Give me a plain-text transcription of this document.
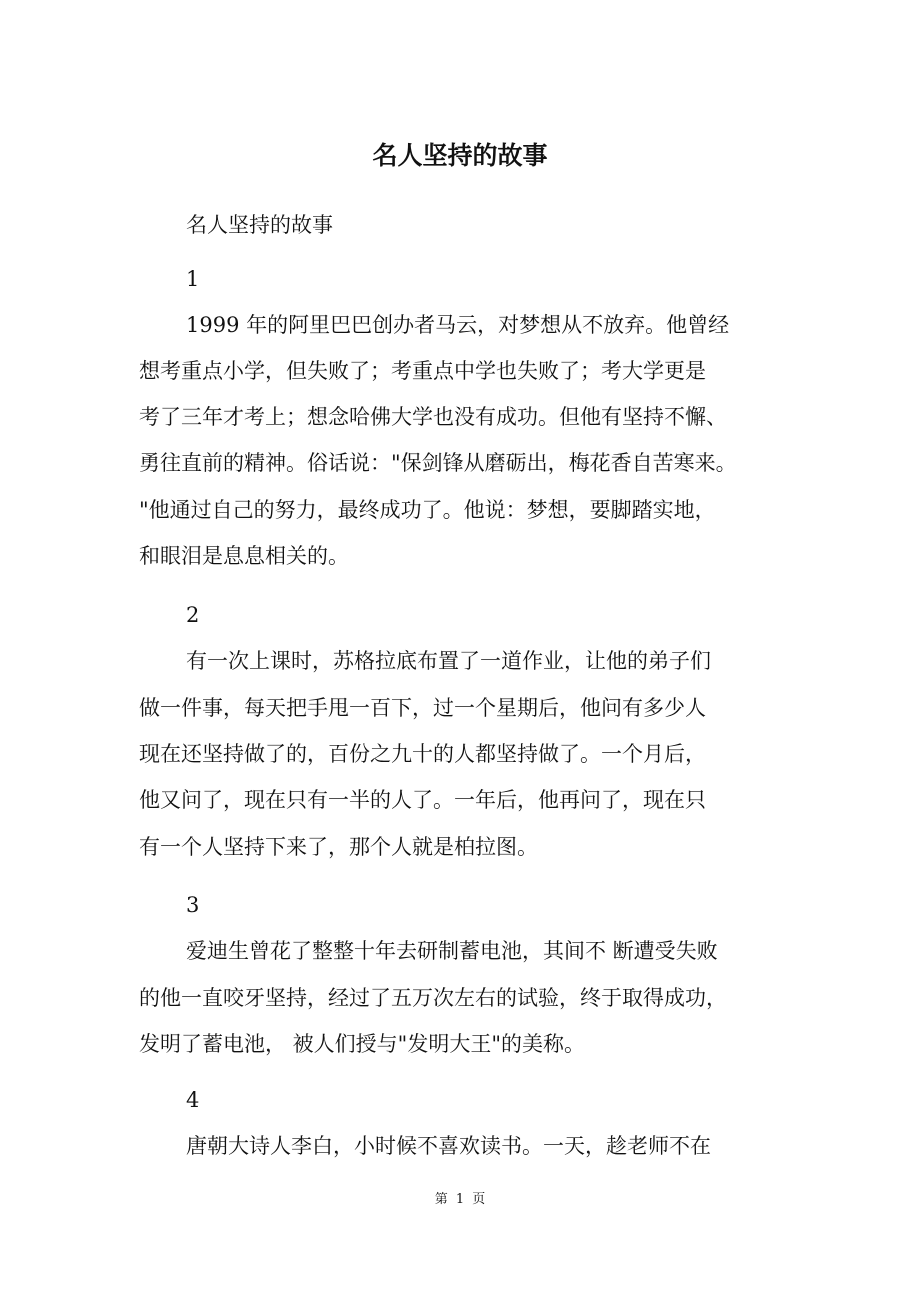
名人坚持的故事

名人坚持的故事

1

1999 年的阿里巴巴创办者马云，对梦想从不放弃。他曾经

想考重点小学，但失败了；考重点中学也失败了；考大学更是

考了三年才考上；想念哈佛大学也没有成功。但他有坚持不懈、

勇往直前的精神。俗话说："保剑锋从磨砺出，梅花香自苦寒来。

"他通过自己的努力，最终成功了。他说：梦想，要脚踏实地，

和眼泪是息息相关的。

2

有一次上课时，苏格拉底布置了一道作业，让他的弟子们

做一件事，每天把手甩一百下，过一个星期后，他问有多少人

现在还坚持做了的，百份之九十的人都坚持做了。一个月后，

他又问了，现在只有一半的人了。一年后，他再问了，现在只

有一个人坚持下来了，那个人就是柏拉图。

3

爱迪生曾花了整整十年去研制蓄电池，其间不 断遭受失败

的他一直咬牙坚持，经过了五万次左右的试验，终于取得成功，

发明了蓄电池， 被人们授与"发明大王"的美称。

4

唐朝大诗人李白，小时候不喜欢读书。一天，趁老师不在

第 1 页
